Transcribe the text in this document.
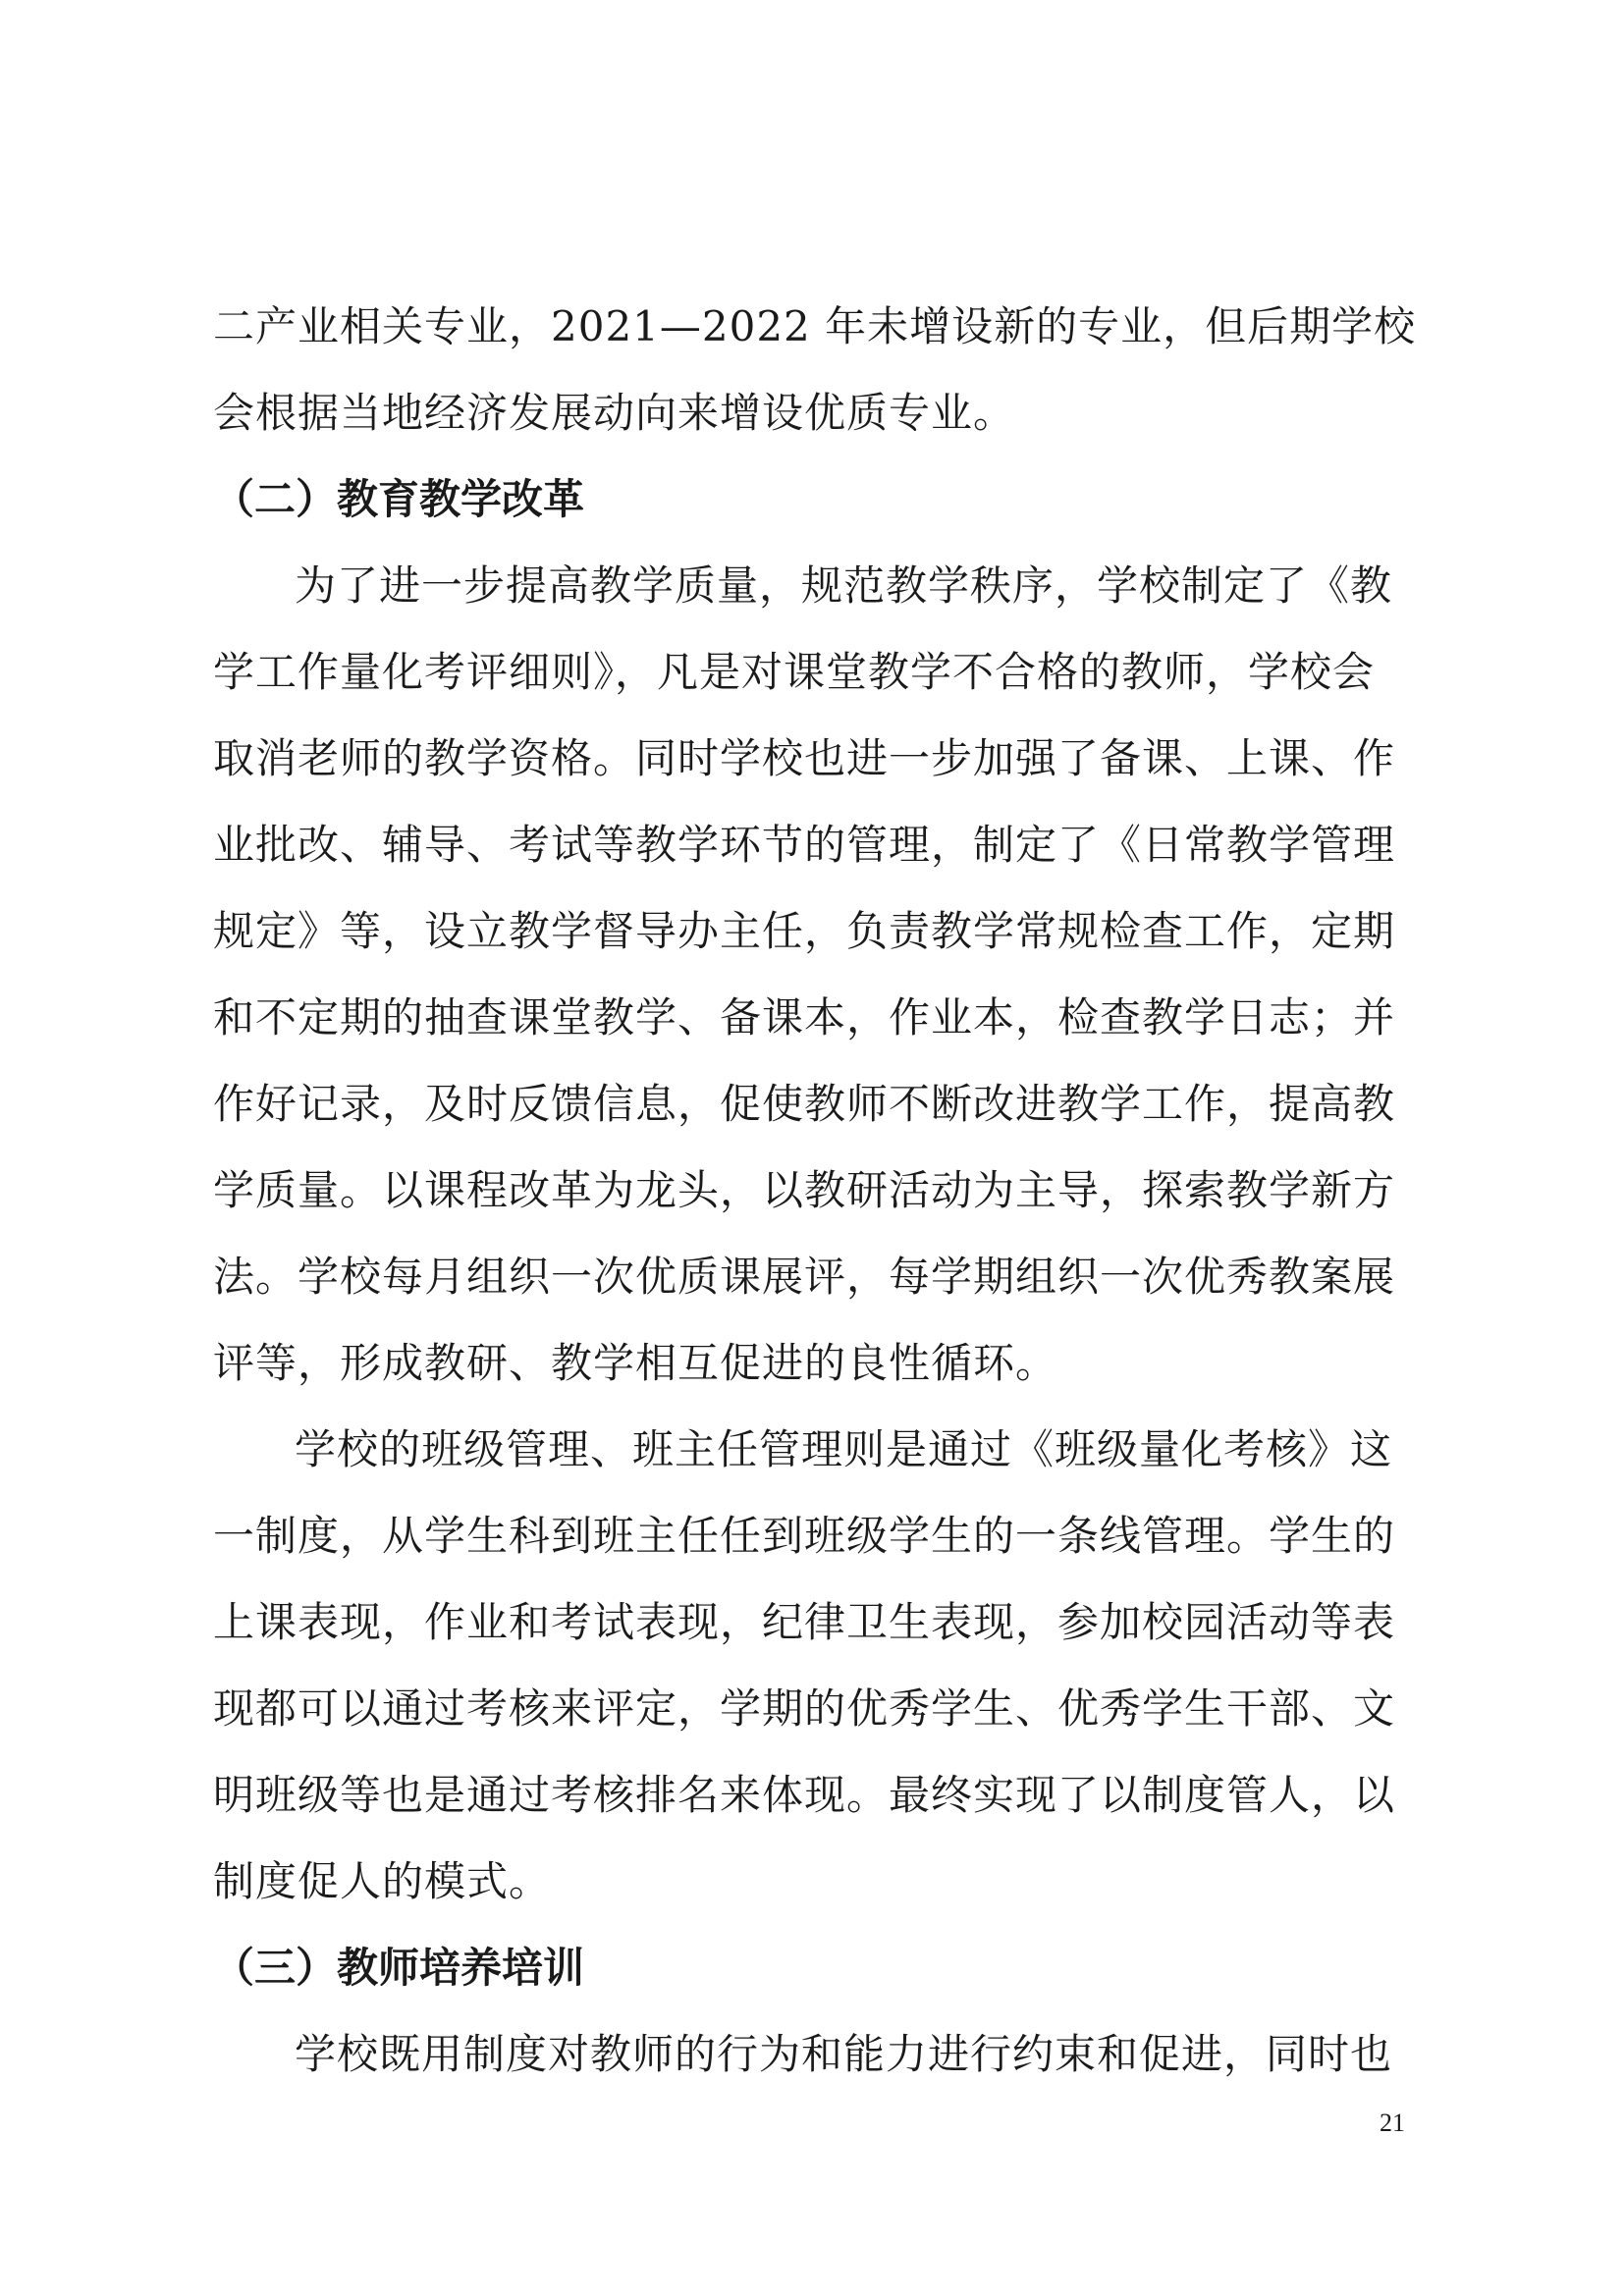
二产业相关专业，2021—2022 年未增设新的专业，但后期学校
会根据当地经济发展动向来增设优质专业。
（二）教育教学改革
为了进一步提高教学质量，规范教学秩序，学校制定了《教
学工作量化考评细则》，凡是对课堂教学不合格的教师，学校会
取消老师的教学资格。同时学校也进一步加强了备课、上课、作
业批改、辅导、考试等教学环节的管理，制定了《日常教学管理
规定》等，设立教学督导办主任，负责教学常规检查工作，定期
和不定期的抽查课堂教学、备课本，作业本，检查教学日志；并
作好记录，及时反馈信息，促使教师不断改进教学工作，提高教
学质量。以课程改革为龙头，以教研活动为主导，探索教学新方
法。学校每月组织一次优质课展评，每学期组织一次优秀教案展
评等，形成教研、教学相互促进的良性循环。
学校的班级管理、班主任管理则是通过《班级量化考核》这
一制度，从学生科到班主任任到班级学生的一条线管理。学生的
上课表现，作业和考试表现，纪律卫生表现，参加校园活动等表
现都可以通过考核来评定，学期的优秀学生、优秀学生干部、文
明班级等也是通过考核排名来体现。最终实现了以制度管人，以
制度促人的模式。
（三）教师培养培训
学校既用制度对教师的行为和能力进行约束和促进，同时也
21
